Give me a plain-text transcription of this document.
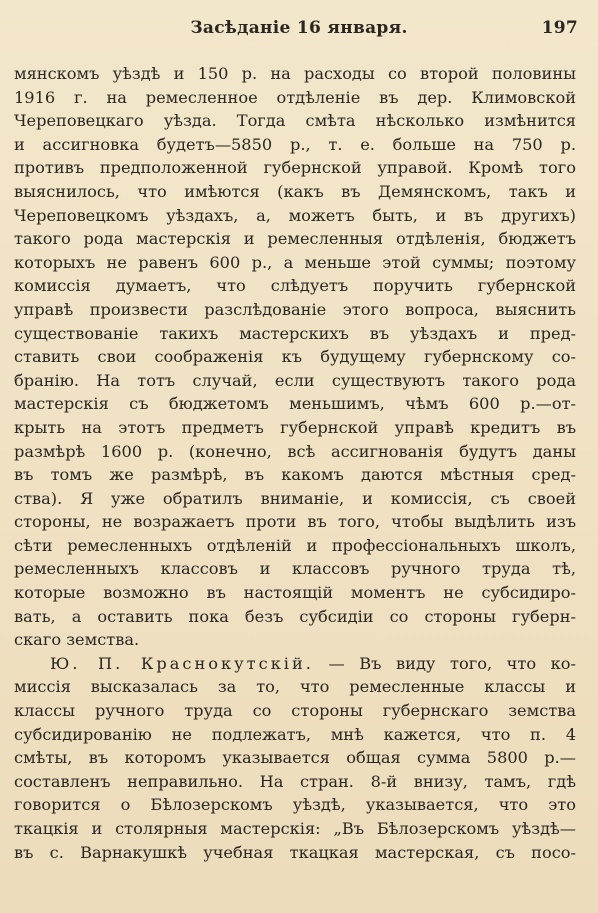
Засѣданіе 16 января.	197
мянскомъ уѣздѣ и 150 р. на расходы со второй половины
1916 г. на ремесленное отдѣленіе въ дер. Климовской
Череповецкаго уѣзда. Тогда смѣта нѣсколько измѣнится
и ассигновка будетъ—5850 р., т. е. больше на 750 р.
противъ предположенной губернской управой. Кромѣ того
выяснилось, что имѣются (какъ въ Демянскомъ, такъ и
Череповецкомъ уѣздахъ, а, можетъ быть, и въ другихъ)
такого рода мастерскія и ремесленныя отдѣленія, бюджетъ
которыхъ не равенъ 600 р., а меньше этой суммы; поэтому
комиссія думаетъ, что слѣдуетъ поручить губернской
управѣ произвести разслѣдованіе этого вопроса, выяснить
существованіе такихъ мастерскихъ въ уѣздахъ и пред-
ставить свои соображенія къ будущему губернскому со-
бранію. На тотъ случай, если существуютъ такого рода
мастерскія съ бюджетомъ меньшимъ, чѣмъ 600 р.—от-
крыть на этотъ предметъ губернской управѣ кредитъ въ
размѣрѣ 1600 р. (конечно, всѣ ассигнованія будутъ даны
въ томъ же размѣрѣ, въ какомъ даются мѣстныя сред-
ства). Я уже обратилъ вниманіе, и комиссія, съ своей
стороны, не возражаетъ проти въ того, чтобы выдѣлить изъ
сѣти ремесленныхъ отдѣленій и профессіональныхъ школъ,
ремесленныхъ классовъ и классовъ ручного труда тѣ,
которые возможно въ настоящій моментъ не субсидиро-
вать, а оставить пока безъ субсидіи со стороны губерн-
скаго земства.
Ю. П. Краснокутскій. — Въ виду того, что ко-
миссія высказалась за то, что ремесленные классы и
классы ручного труда со стороны губернскаго земства
субсидированію не подлежатъ, мнѣ кажется, что п. 4
смѣты, въ которомъ указывается общая сумма 5800 р.—
составленъ неправильно. На стран. 8-й внизу, тамъ, гдѣ
говорится о Бѣлозерскомъ уѣздѣ, указывается, что это
ткацкія и столярныя мастерскія: „Въ Бѣлозерскомъ уѣздѣ—
въ с. Варнакушкѣ учебная ткацкая мастерская, съ посо-
